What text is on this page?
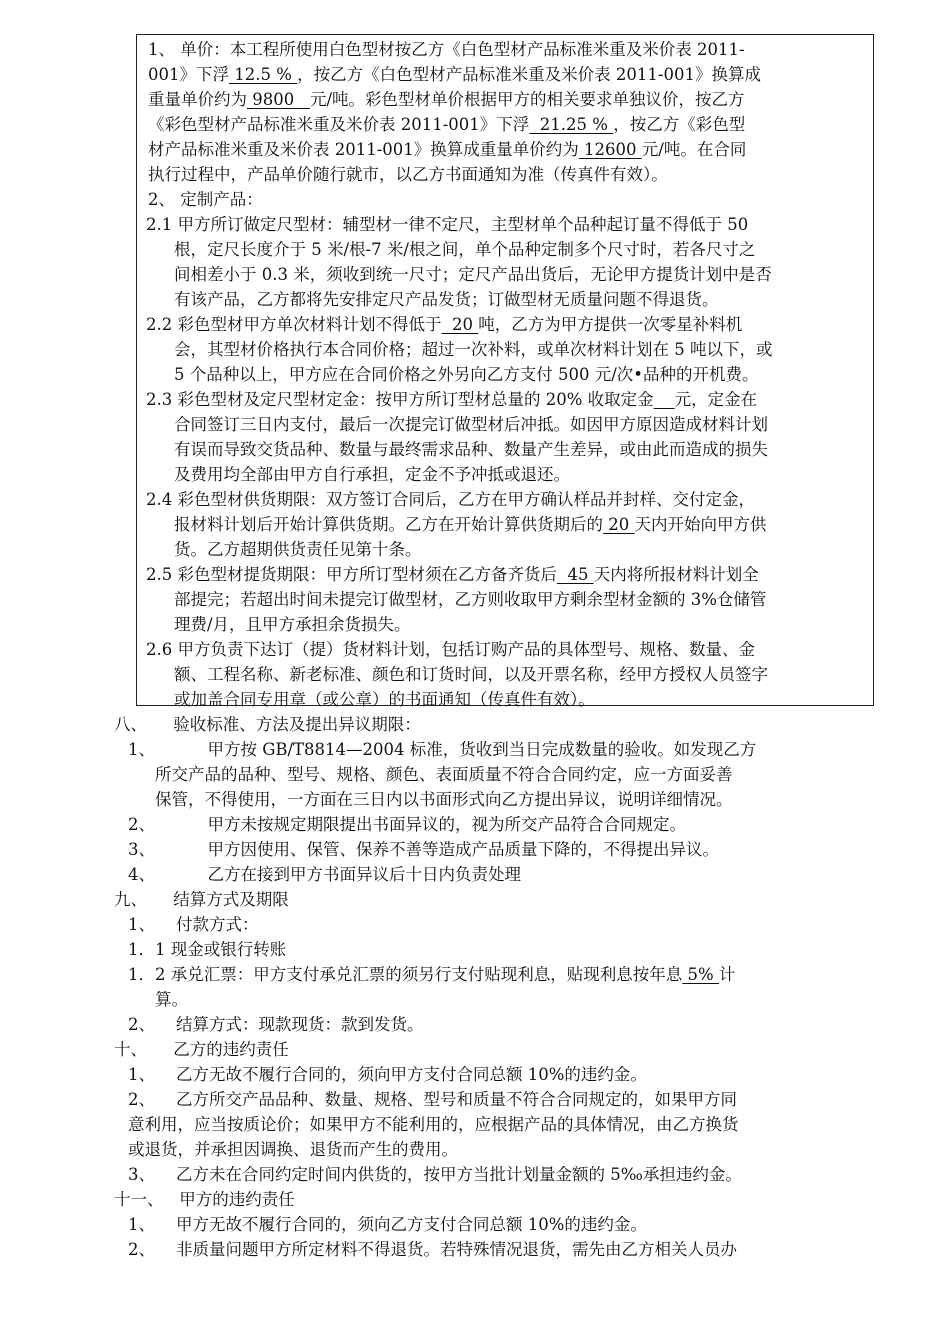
1、 单价：本工程所使用白色型材按乙方《白色型材产品标准米重及米价表 2011-
001》下浮 12.5 % ，按乙方《白色型材产品标准米重及米价表 2011-001》换算成
重量单价约为 9800   元/吨。彩色型材单价根据甲方的相关要求单独议价，按乙方
《彩色型材产品标准米重及米价表 2011-001》下浮  21.25 % ，按乙方《彩色型
材产品标准米重及米价表 2011-001》换算成重量单价约为 12600 元/吨。在合同
执行过程中，产品单价随行就市，以乙方书面通知为准（传真件有效）。
2、 定制产品：
2.1 甲方所订做定尺型材：辅型材一律不定尺，主型材单个品种起订量不得低于 50
根，定尺长度介于 5 米/根-7 米/根之间，单个品种定制多个尺寸时，若各尺寸之
间相差小于 0.3 米，须收到统一尺寸；定尺产品出货后，无论甲方提货计划中是否
有该产品，乙方都将先安排定尺产品发货；订做型材无质量问题不得退货。
2.2 彩色型材甲方单次材料计划不得低于  20 吨，乙方为甲方提供一次零星补料机
会，其型材价格执行本合同价格；超过一次补料，或单次材料计划在 5 吨以下，或
5 个品种以上，甲方应在合同价格之外另向乙方支付 500 元/次•品种的开机费。
2.3 彩色型材及定尺型材定金：按甲方所订型材总量的 20% 收取定金 元，定金在
合同签订三日内支付，最后一次提完订做型材后冲抵。如因甲方原因造成材料计划
有误而导致交货品种、数量与最终需求品种、数量产生差异，或由此而造成的损失
及费用均全部由甲方自行承担，定金不予冲抵或退还。
2.4 彩色型材供货期限：双方签订合同后，乙方在甲方确认样品并封样、交付定金，
报材料计划后开始计算供货期。乙方在开始计算供货期后的 20 天内开始向甲方供
货。乙方超期供货责任见第十条。
2.5 彩色型材提货期限：甲方所订型材须在乙方备齐货后  45 天内将所报材料计划全
部提完；若超出时间未提完订做型材，乙方则收取甲方剩余型材金额的 3%仓储管
理费/月，且甲方承担余货损失。
2.6 甲方负责下达订（提）货材料计划，包括订购产品的具体型号、规格、数量、金
额、工程名称、新老标准、颜色和订货时间，以及开票名称，经甲方授权人员签字
或加盖合同专用章（或公章）的书面通知（传真件有效）。
八、     验收标准、方法及提出异议期限：
1、          甲方按 GB/T8814—2004 标准，货收到当日完成数量的验收。如发现乙方
所交产品的品种、型号、规格、颜色、表面质量不符合合同约定，应一方面妥善
保管，不得使用，一方面在三日内以书面形式向乙方提出异议，说明详细情况。
2、          甲方未按规定期限提出书面异议的，视为所交产品符合合同规定。
3、          甲方因使用、保管、保养不善等造成产品质量下降的，不得提出异议。
4、          乙方在接到甲方书面异议后十日内负责处理
九、     结算方式及期限
1、    付款方式：
1．1 现金或银行转账
1．2 承兑汇票：甲方支付承兑汇票的须另行支付贴现利息，贴现利息按年息 5% 计
算。
2、    结算方式：现款现货：款到发货。
十、     乙方的违约责任
1、    乙方无故不履行合同的，须向甲方支付合同总额 10%的违约金。
2、    乙方所交产品品种、数量、规格、型号和质量不符合合同规定的，如果甲方同
意利用，应当按质论价；如果甲方不能利用的，应根据产品的具体情况，由乙方换货
或退货，并承担因调换、退货而产生的费用。
3、    乙方未在合同约定时间内供货的，按甲方当批计划量金额的 5‰承担违约金。
十一、   甲方的违约责任
1、    甲方无故不履行合同的，须向乙方支付合同总额 10%的违约金。
2、    非质量问题甲方所定材料不得退货。若特殊情况退货，需先由乙方相关人员办
